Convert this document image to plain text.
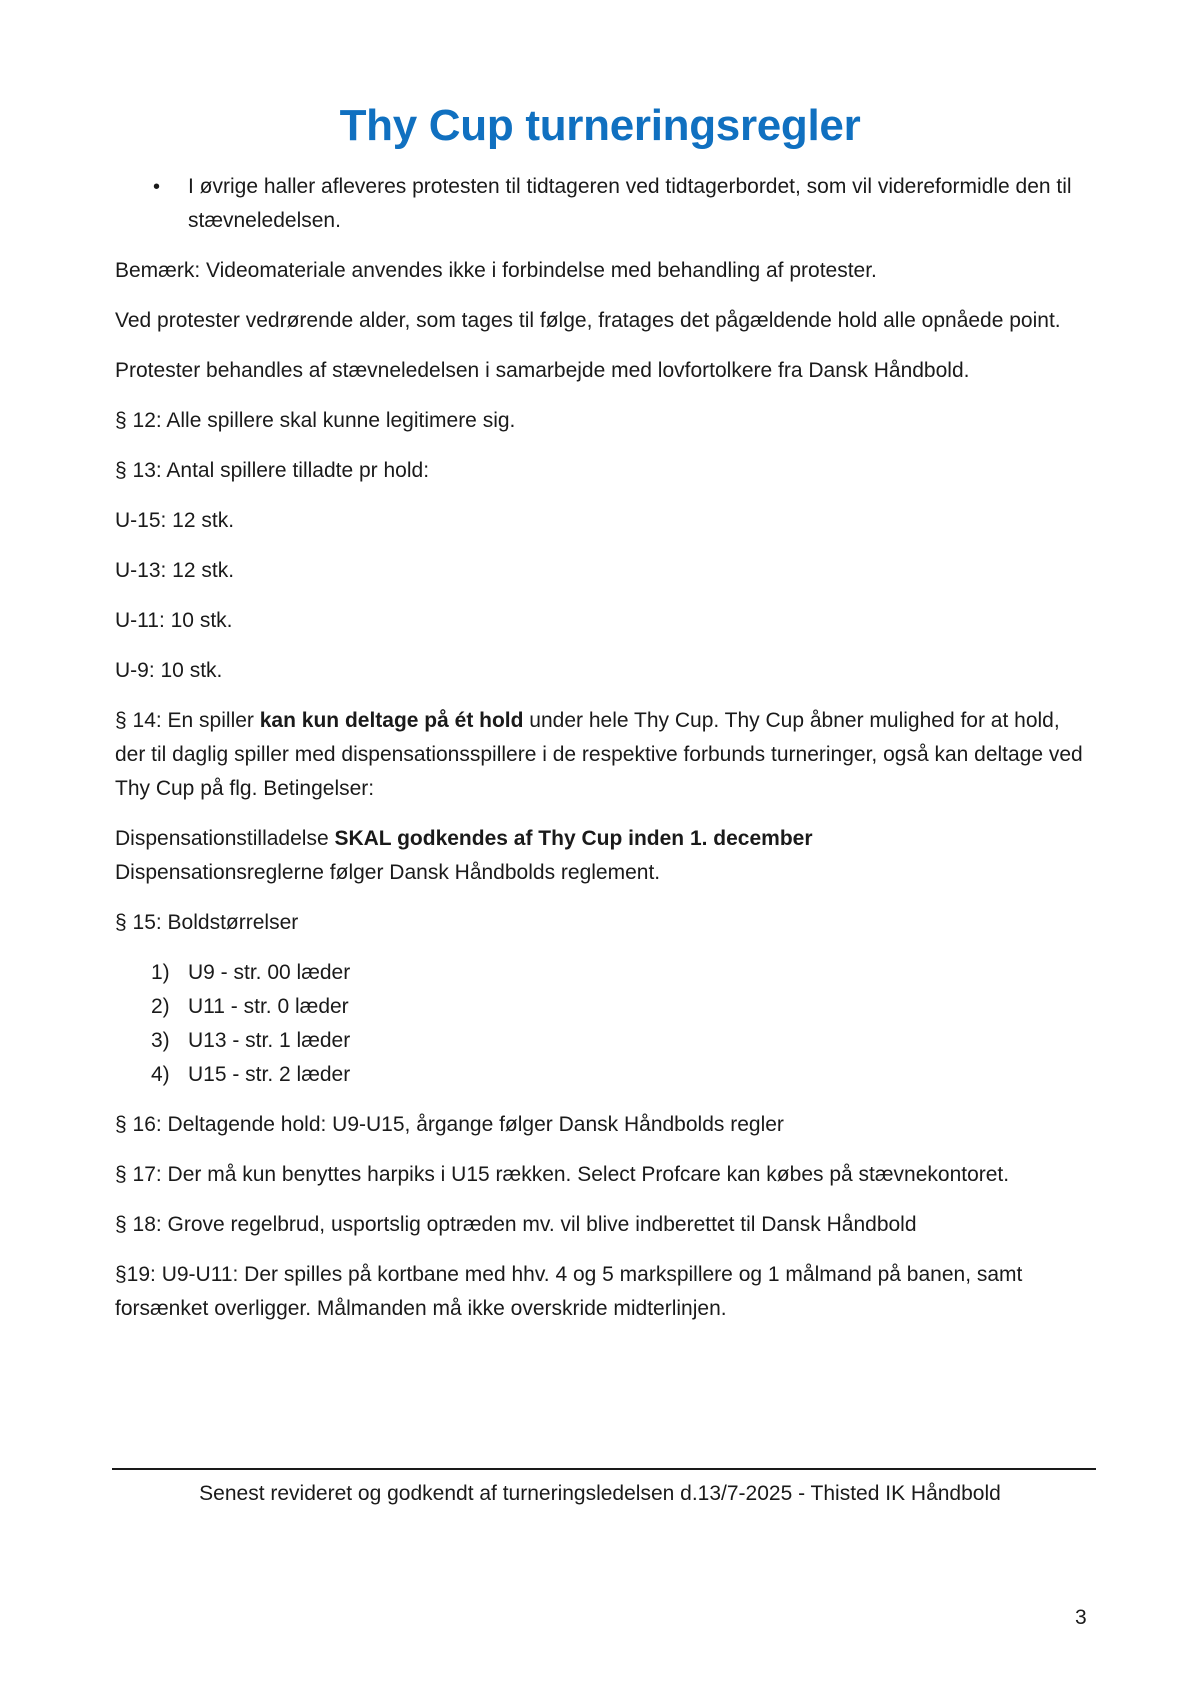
Thy Cup turneringsregler
• I øvrige haller afleveres protesten til tidtageren ved tidtagerbordet, som vil videreformidle den til stævneledelsen.

Bemærk: Videomateriale anvendes ikke i forbindelse med behandling af protester.

Ved protester vedrørende alder, som tages til følge, fratages det pågældende hold alle opnåede point.

Protester behandles af stævneledelsen i samarbejde med lovfortolkere fra Dansk Håndbold.

§ 12: Alle spillere skal kunne legitimere sig.

§ 13: Antal spillere tilladte pr hold:

U-15: 12 stk.

U-13: 12 stk.

U-11: 10 stk.

U-9: 10 stk.

§ 14: En spiller kan kun deltage på ét hold under hele Thy Cup. Thy Cup åbner mulighed for at hold, der til daglig spiller med dispensationsspillere i de respektive forbunds turneringer, også kan deltage ved Thy Cup på flg. Betingelser:

Dispensationstilladelse SKAL godkendes af Thy Cup inden 1. december
Dispensationsreglerne følger Dansk Håndbolds reglement.

§ 15: Boldstørrelser

1) U9 - str. 00 læder
2) U11 - str. 0 læder
3) U13 - str. 1 læder
4) U15 - str. 2 læder

§ 16: Deltagende hold: U9-U15, årgange følger Dansk Håndbolds regler

§ 17: Der må kun benyttes harpiks i U15 rækken. Select Profcare kan købes på stævnekontoret.

§ 18: Grove regelbrud, usportslig optræden mv. vil blive indberettet til Dansk Håndbold

§19: U9-U11: Der spilles på kortbane med hhv. 4 og 5 markspillere og 1 målmand på banen, samt forsænket overligger. Målmanden må ikke overskride midterlinjen.

Senest revideret og godkendt af turneringsledelsen d.13/7-2025 - Thisted IK Håndbold
3
